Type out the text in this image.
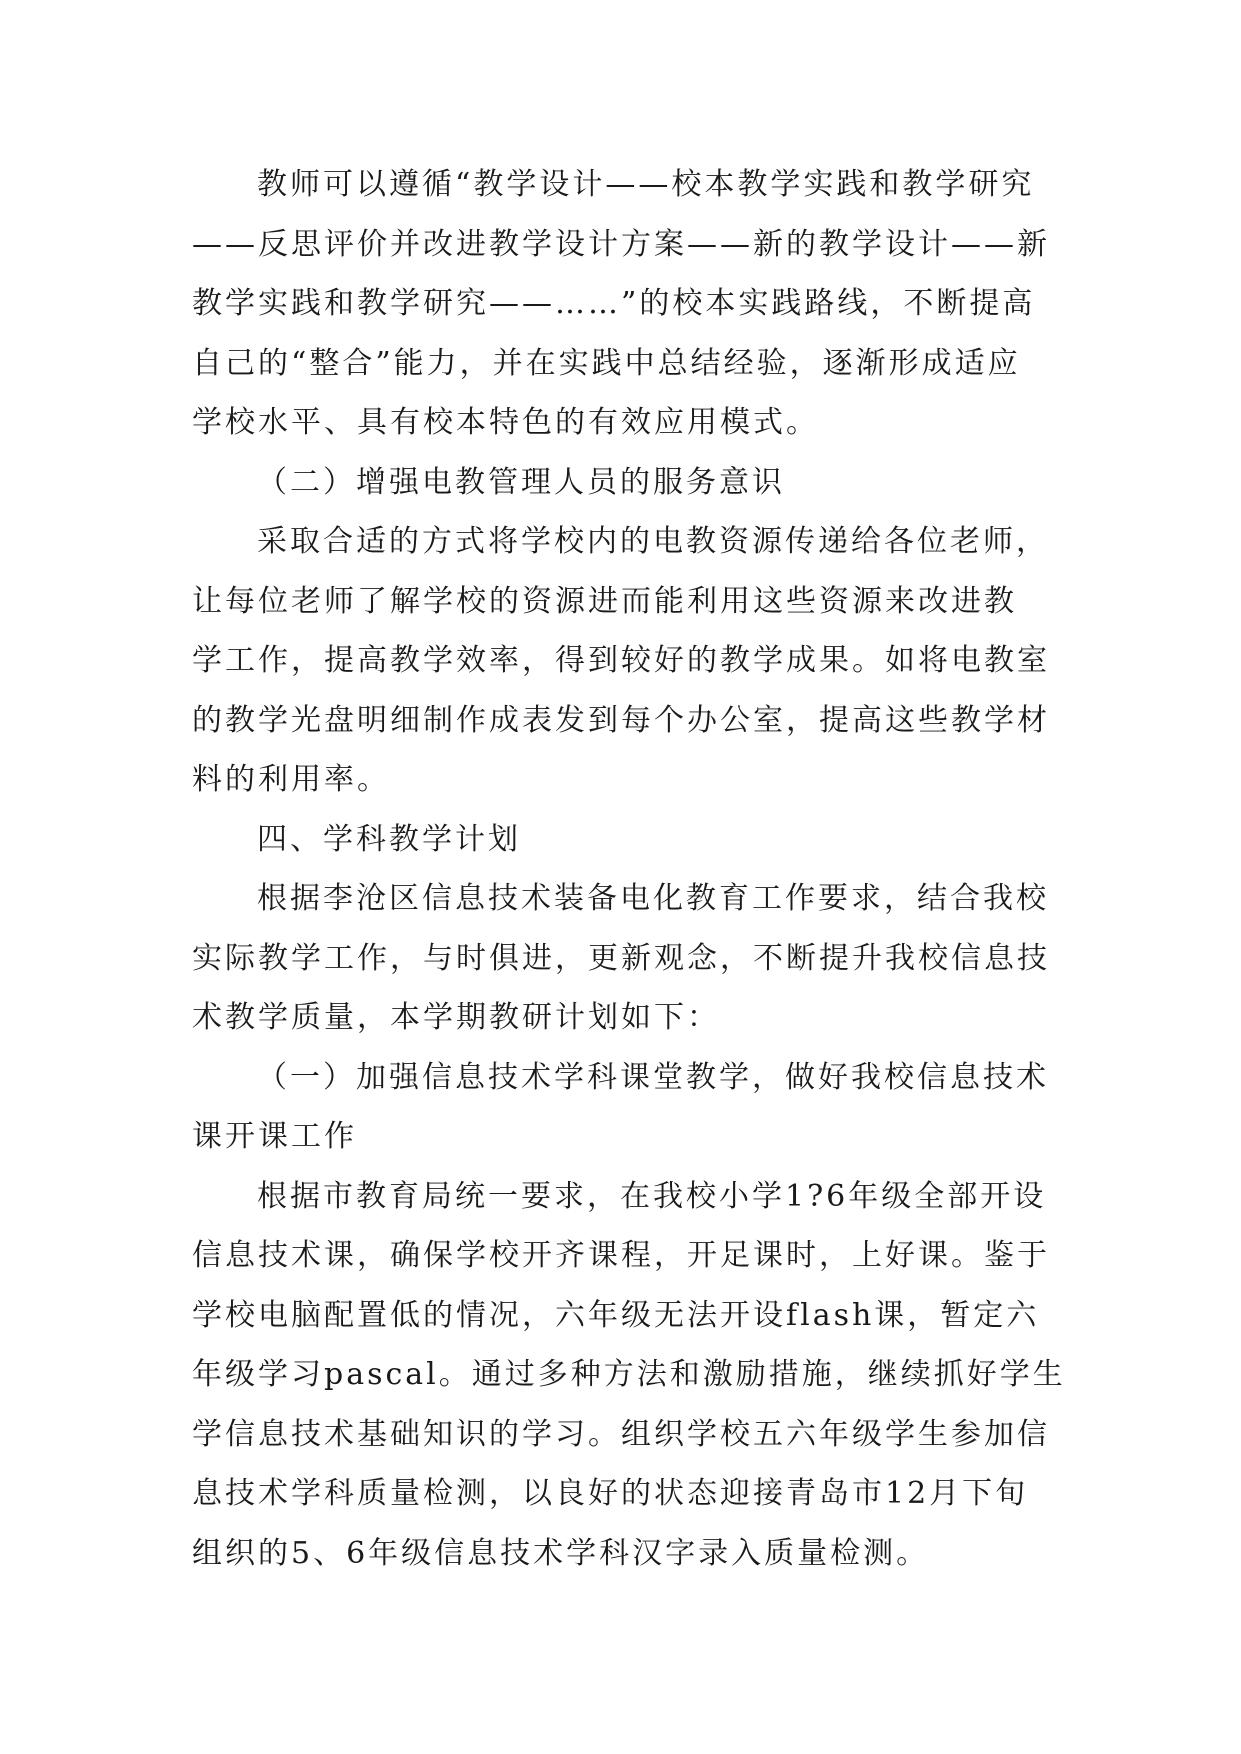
教师可以遵循“教学设计——校本教学实践和教学研究
——反思评价并改进教学设计方案——新的教学设计——新
教学实践和教学研究——……”的校本实践路线，不断提高
自己的“整合”能力，并在实践中总结经验，逐渐形成适应
学校水平、具有校本特色的有效应用模式。
（二）增强电教管理人员的服务意识
采取合适的方式将学校内的电教资源传递给各位老师，
让每位老师了解学校的资源进而能利用这些资源来改进教
学工作，提高教学效率，得到较好的教学成果。如将电教室
的教学光盘明细制作成表发到每个办公室，提高这些教学材
料的利用率。
四、学科教学计划
根据李沧区信息技术装备电化教育工作要求，结合我校
实际教学工作，与时俱进，更新观念，不断提升我校信息技
术教学质量，本学期教研计划如下：
（一）加强信息技术学科课堂教学，做好我校信息技术
课开课工作
根据市教育局统一要求，在我校小学1?6年级全部开设
信息技术课，确保学校开齐课程，开足课时，上好课。鉴于
学校电脑配置低的情况，六年级无法开设flash课，暂定六
年级学习pascal。通过多种方法和激励措施，继续抓好学生
学信息技术基础知识的学习。组织学校五六年级学生参加信
息技术学科质量检测，以良好的状态迎接青岛市12月下旬
组织的5、6年级信息技术学科汉字录入质量检测。
